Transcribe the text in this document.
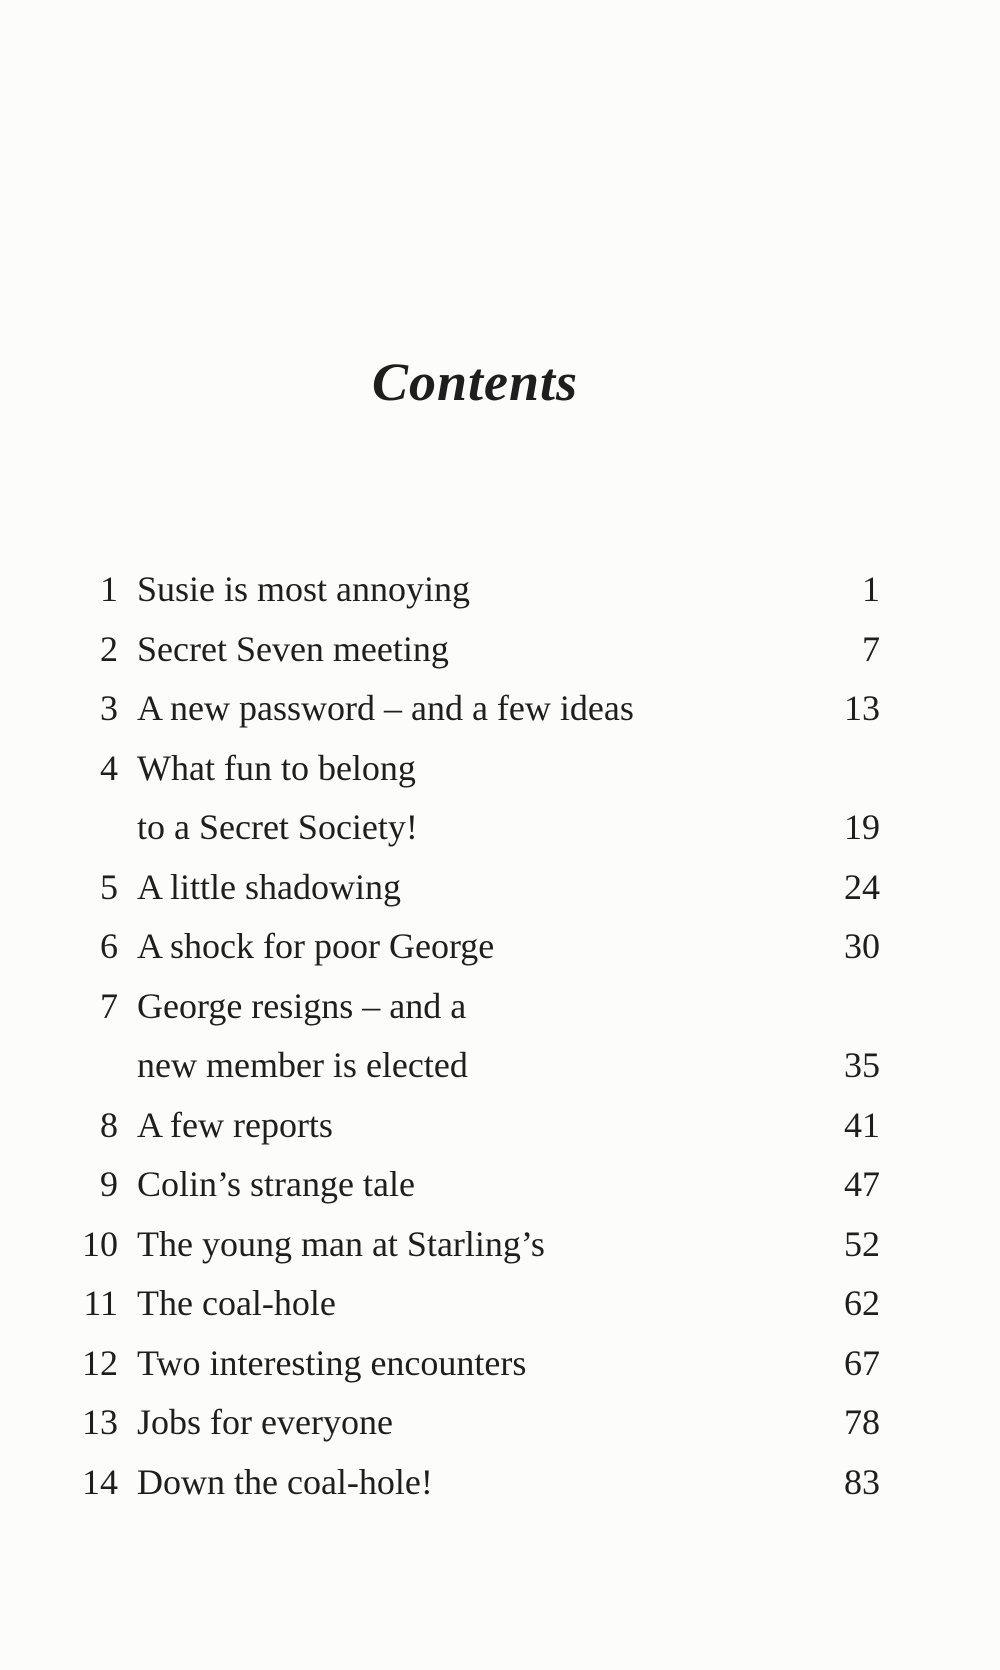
Contents
1 Susie is most annoying	1
2 Secret Seven meeting	7
3 A new password – and a few ideas	13
4 What fun to belong
to a Secret Society!	19
5 A little shadowing	24
6 A shock for poor George	30
7 George resigns – and a
new member is elected	35
8 A few reports	41
9 Colin’s strange tale	47
10 The young man at Starling’s	52
11 The coal-hole	62
12 Two interesting encounters	67
13 Jobs for everyone	78
14 Down the coal-hole!	83
